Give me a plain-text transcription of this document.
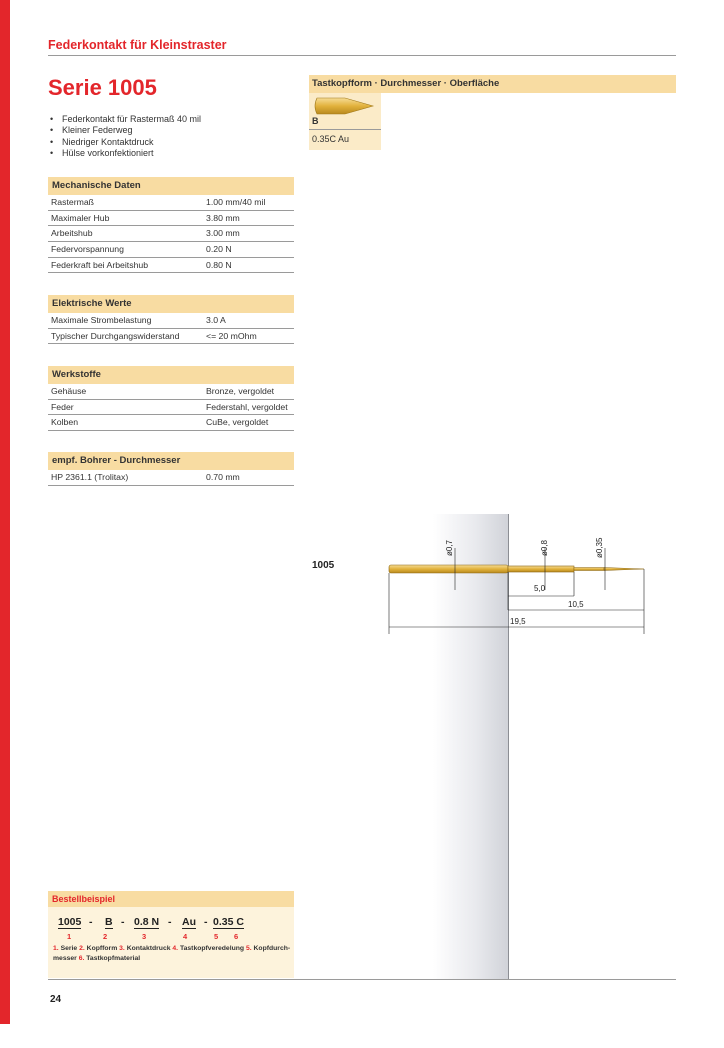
Federkontakt für Kleinstraster
Serie 1005
• Federkontakt für Rastermaß 40 mil
• Kleiner Federweg
• Niedriger Kontaktdruck
• Hülse vorkonfektioniert
Mechanische Daten
Rastermaß	1.00 mm/40 mil
Maximaler Hub	3.80 mm
Arbeitshub	3.00 mm
Federvorspannung	0.20 N
Federkraft bei Arbeitshub	0.80 N
Elektrische Werte
Maximale Strombelastung	3.0 A
Typischer Durchgangswiderstand	<= 20 mOhm
Werkstoffe
Gehäuse	Bronze, vergoldet
Feder	Federstahl, vergoldet
Kolben	CuBe, vergoldet
empf. Bohrer - Durchmesser
HP 2361.1 (Trolitax)	0.70 mm
Tastkopfform · Durchmesser · Oberfläche
B
0.35C Au
1005
ø0,7	ø0,8	ø0,35
5,0
10,5
19,5
Bestellbeispiel

1005

-

B

-

0.8 N

-

Au

-

0.35 C

1	2	3	4	5 6
1. Serie 2. Kopfform 3. Kontaktdruck 4. Tastkopfveredelung 5. Kopfdurch-messer 6. Tastkopfmaterial
24
